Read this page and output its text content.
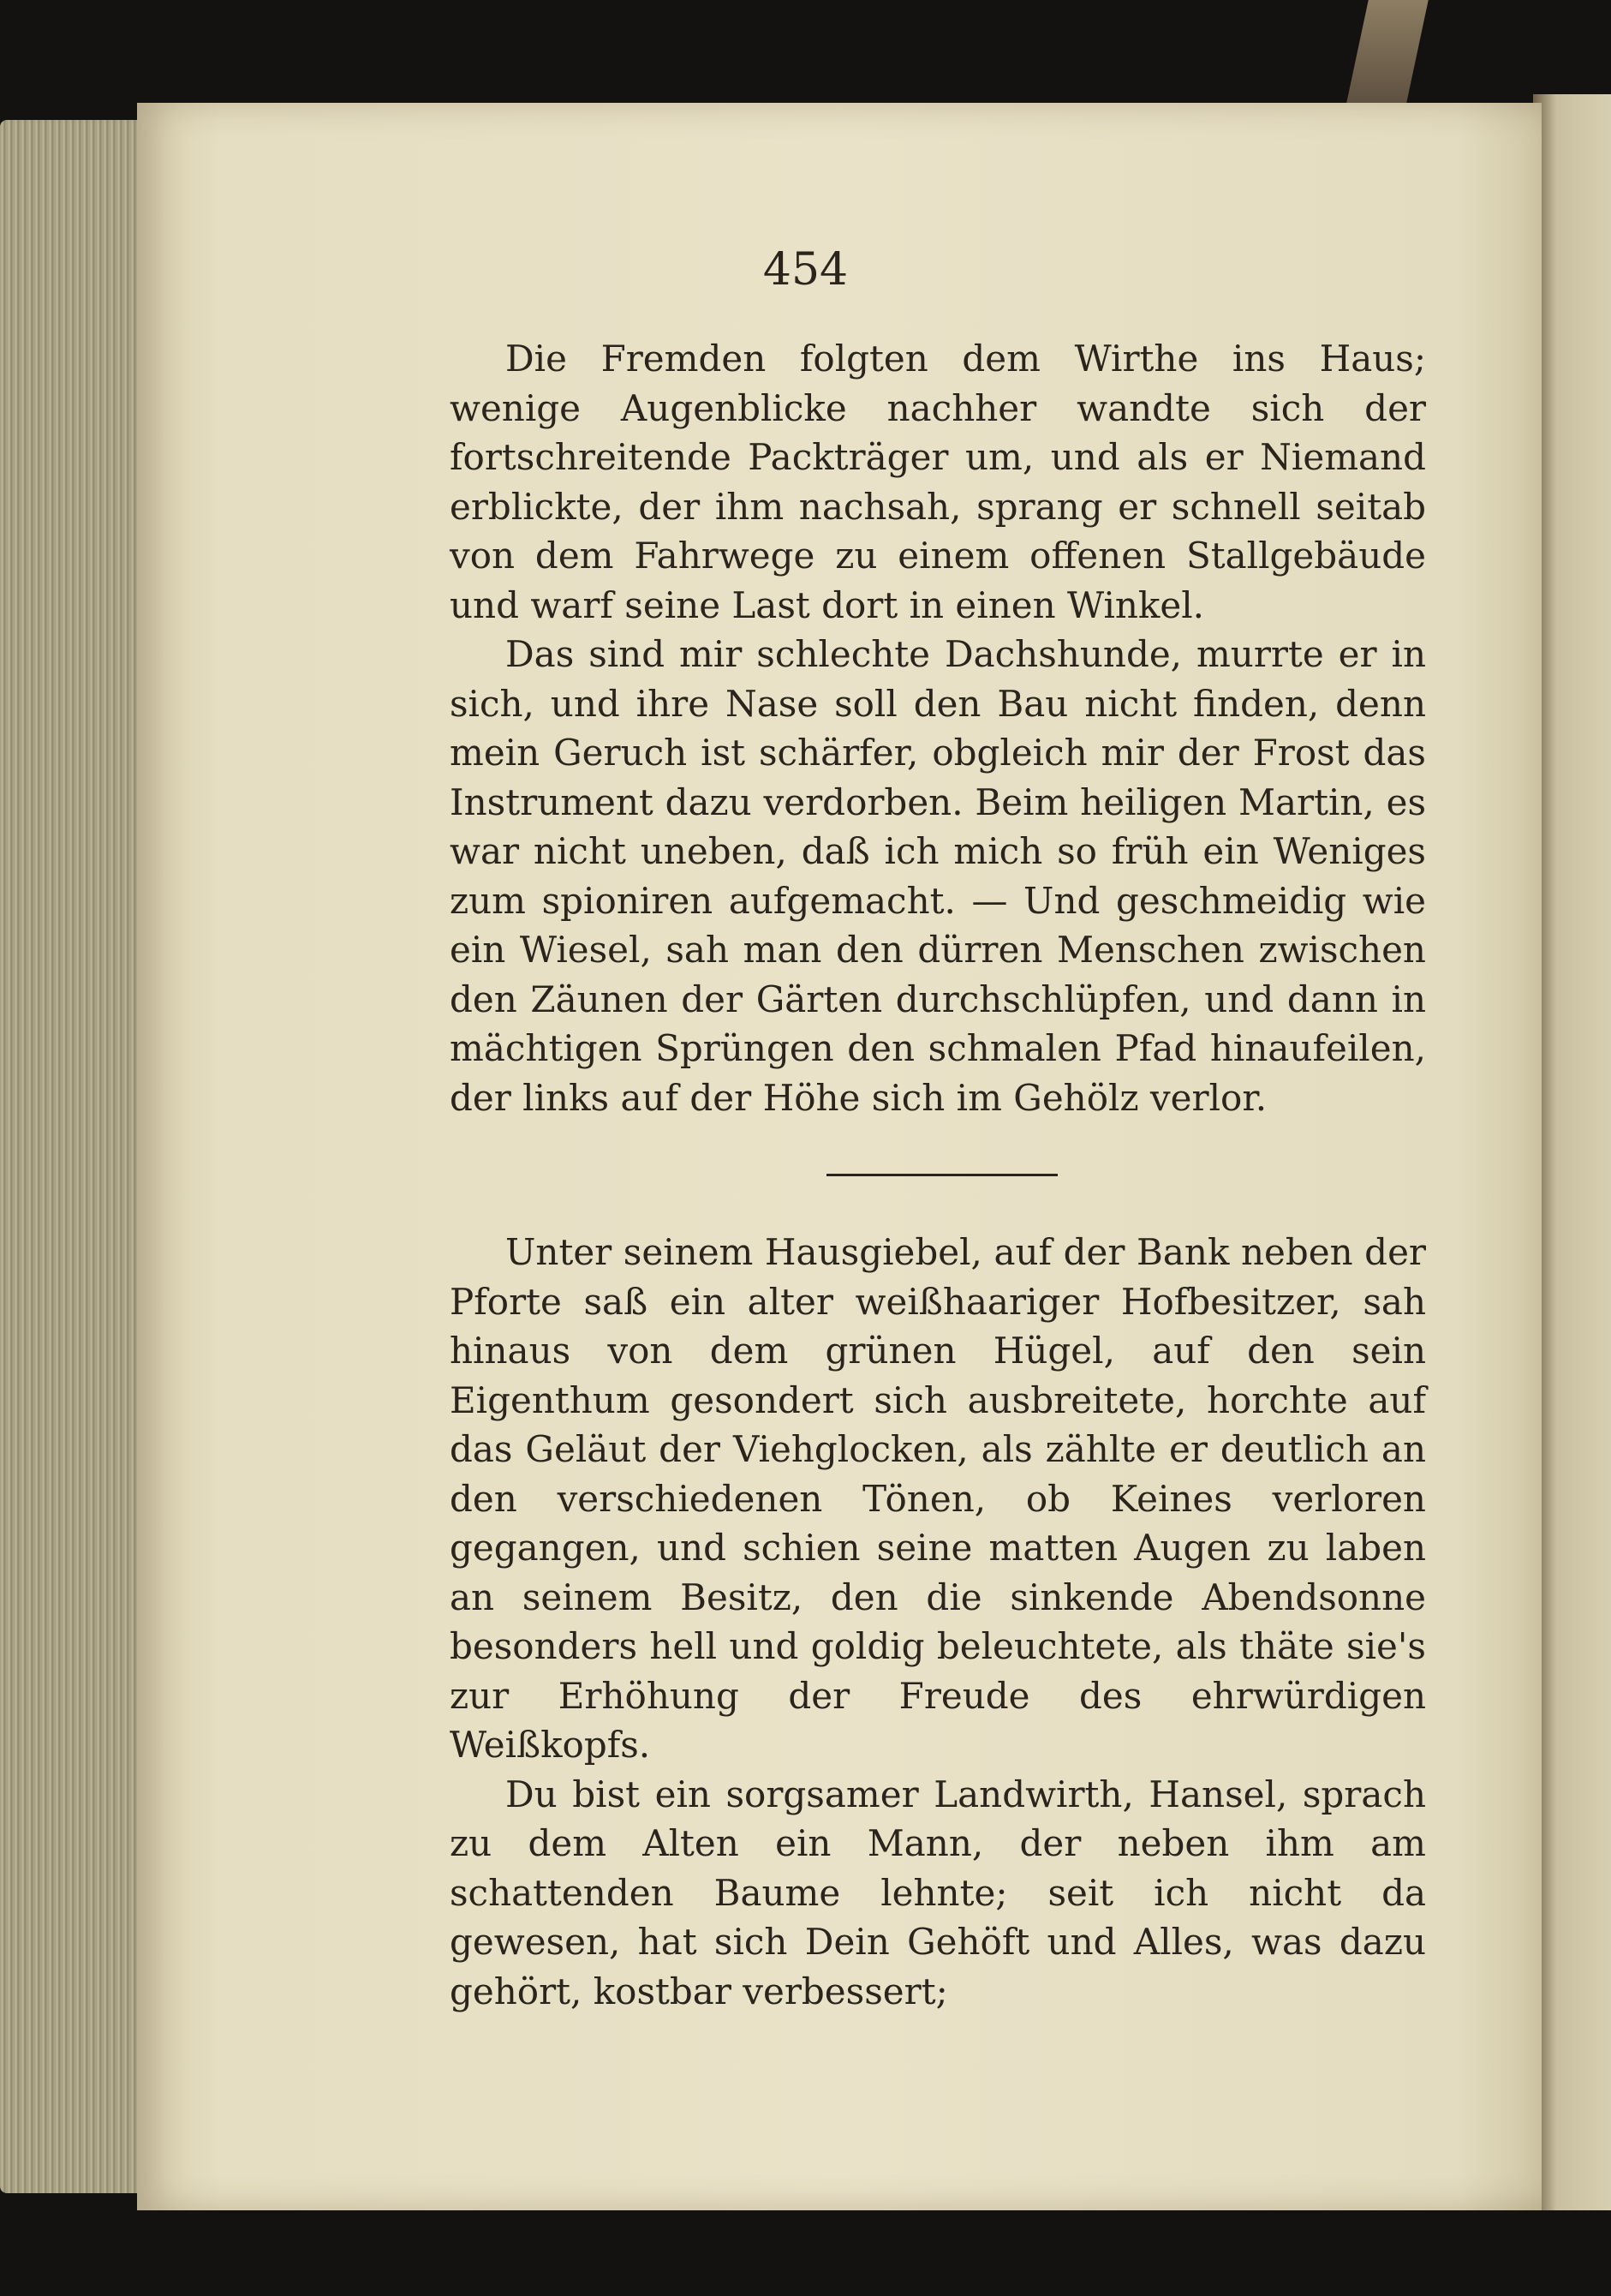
454

Die Fremden folgten dem Wirthe ins Haus; wenige Augenblicke nachher wandte sich der fortschreitende Packträger um, und als er Niemand erblickte, der ihm nachsah, sprang er schnell seitab von dem Fahrwege zu einem offenen Stallgebäude und warf seine Last dort in einen Winkel.

Das sind mir schlechte Dachshunde, murrte er in sich, und ihre Nase soll den Bau nicht finden, denn mein Geruch ist schärfer, obgleich mir der Frost das Instrument dazu verdorben. Beim heiligen Martin, es war nicht uneben, daß ich mich so früh ein Weniges zum spioniren aufgemacht. — Und geschmeidig wie ein Wiesel, sah man den dürren Menschen zwischen den Zäunen der Gärten durchschlüpfen, und dann in mächtigen Sprüngen den schmalen Pfad hinaufeilen, der links auf der Höhe sich im Gehölz verlor.

Unter seinem Hausgiebel, auf der Bank neben der Pforte saß ein alter weißhaariger Hofbesitzer, sah hinaus von dem grünen Hügel, auf den sein Eigenthum gesondert sich ausbreitete, horchte auf das Geläut der Viehglocken, als zählte er deutlich an den verschiedenen Tönen, ob Keines verloren gegangen, und schien seine matten Augen zu laben an seinem Besitz, den die sinkende Abendsonne besonders hell und goldig beleuchtete, als thäte sie's zur Erhöhung der Freude des ehrwürdigen Weißkopfs.

Du bist ein sorgsamer Landwirth, Hansel, sprach zu dem Alten ein Mann, der neben ihm am schattenden Baume lehnte; seit ich nicht da gewesen, hat sich Dein Gehöft und Alles, was dazu gehört, kostbar verbessert;
